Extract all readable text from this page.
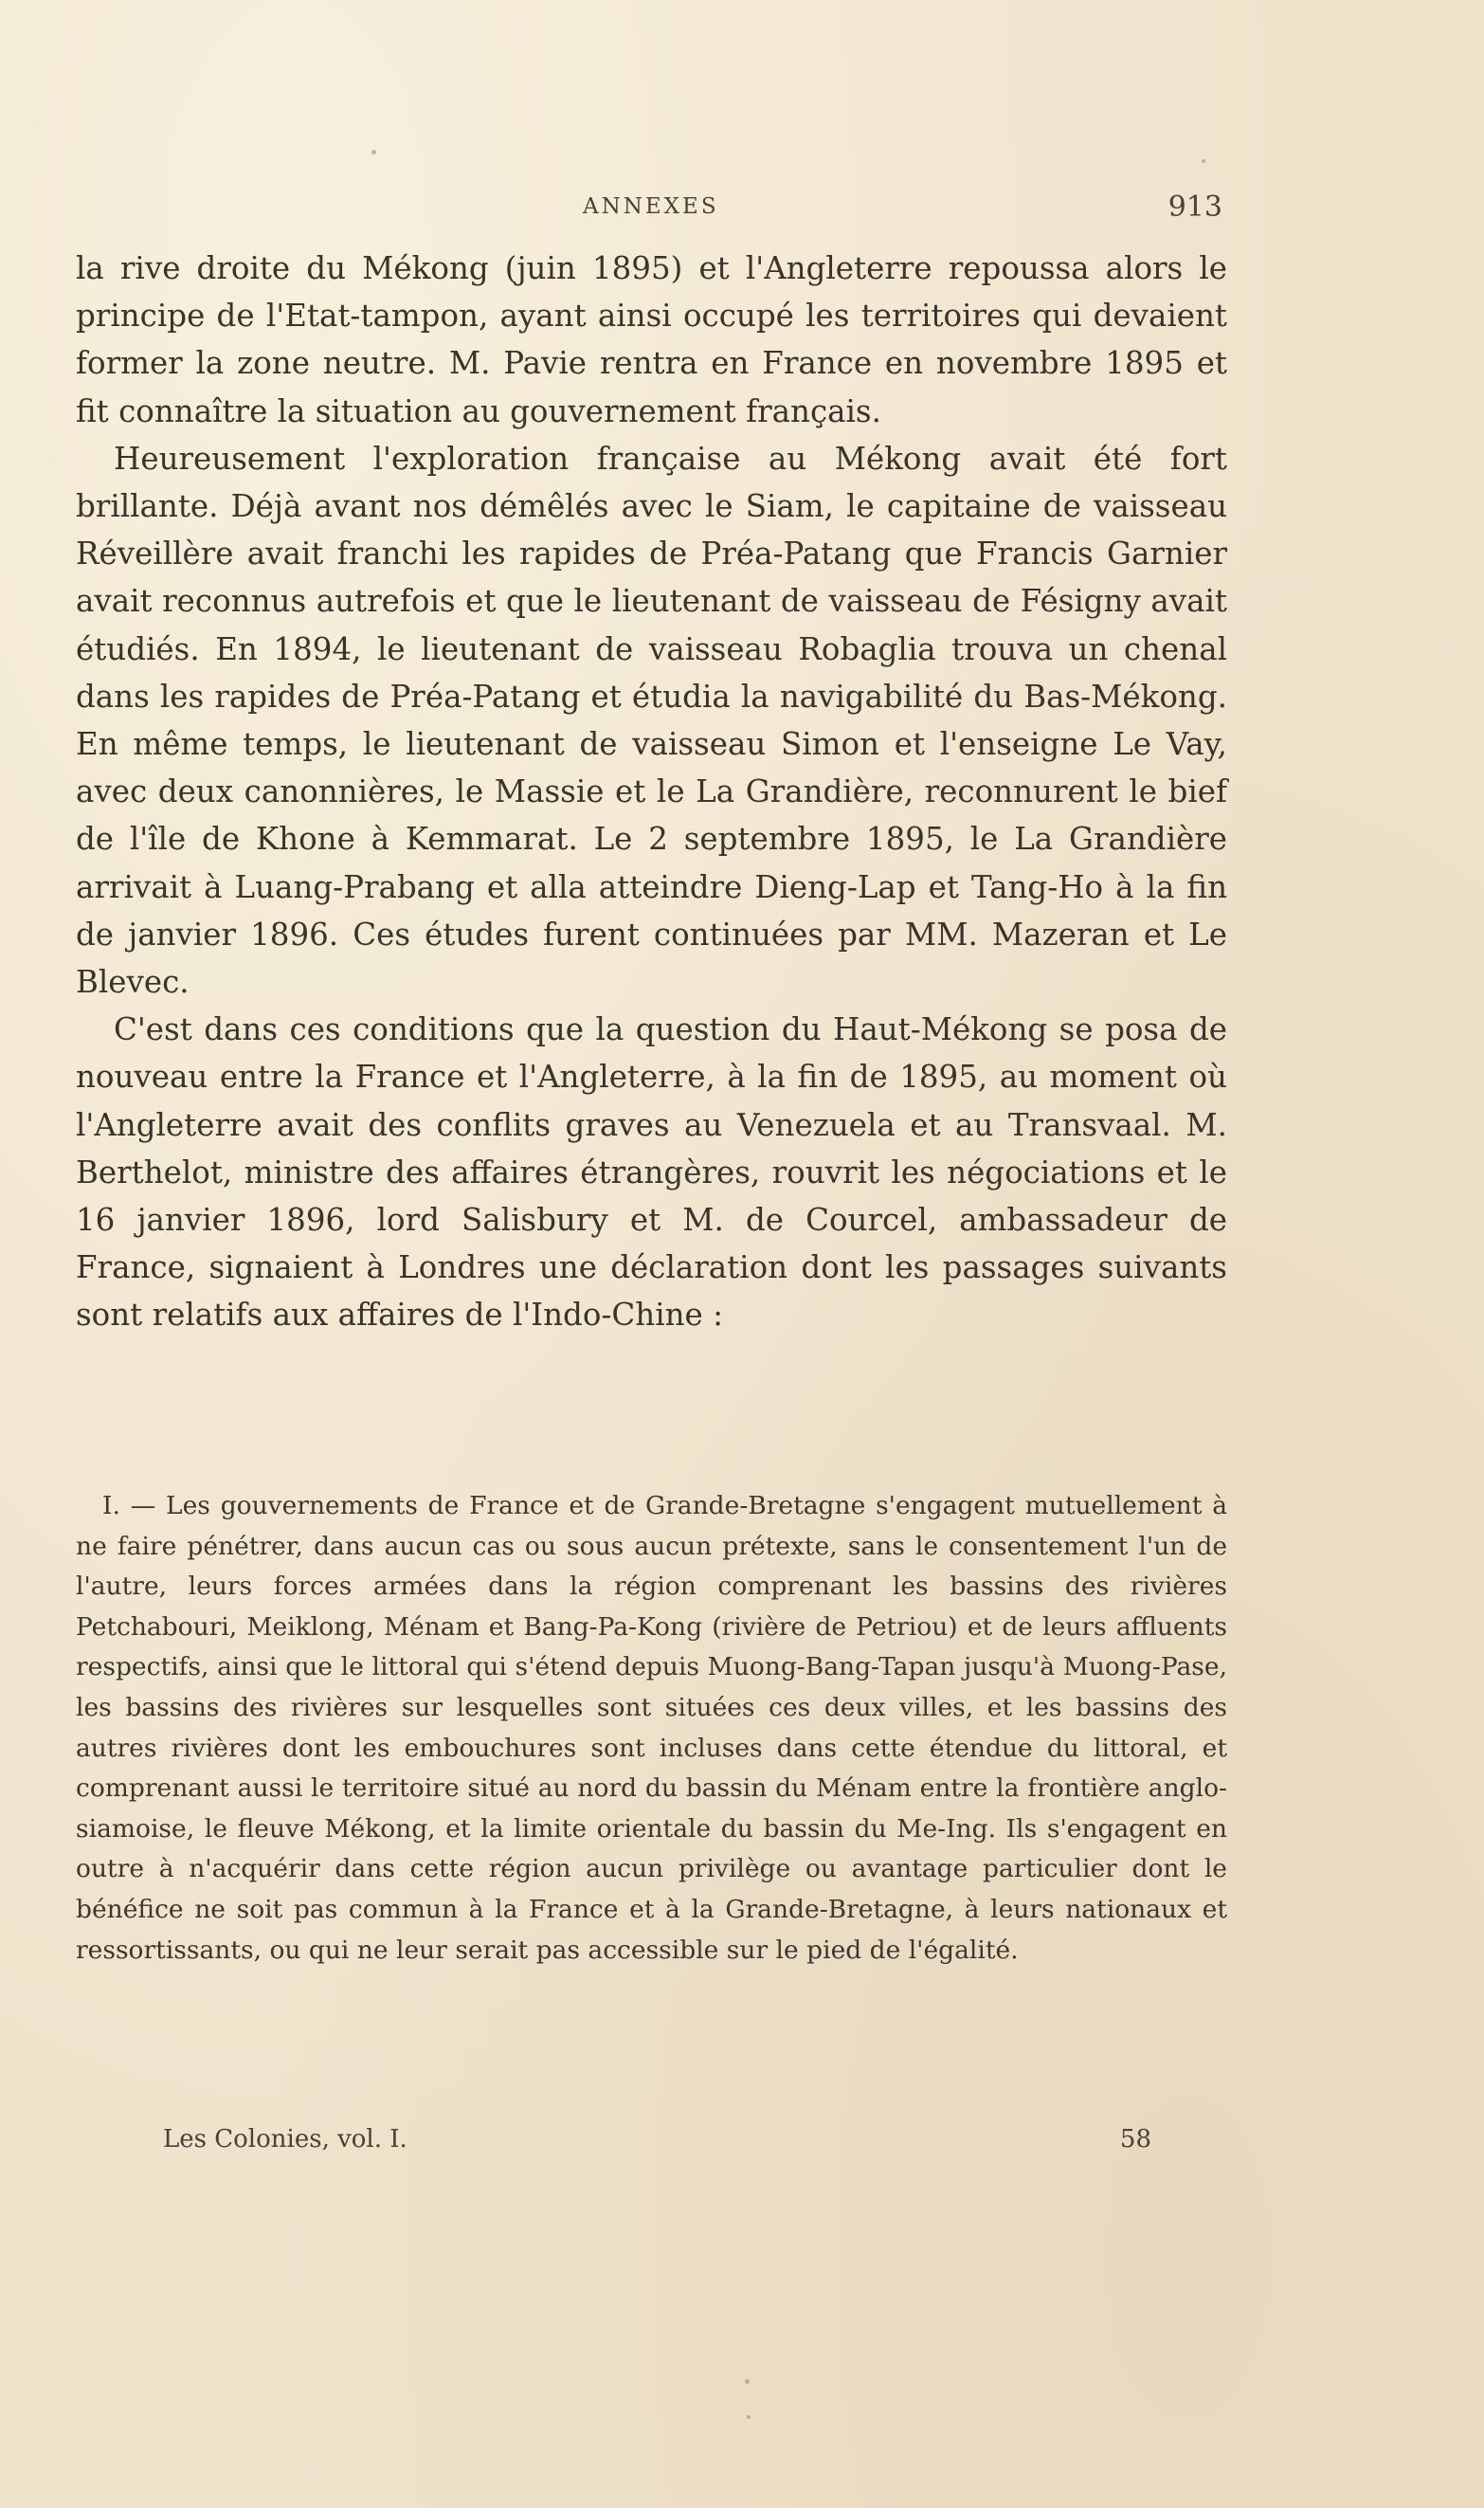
ANNEXES	913

la rive droite du Mékong (juin 1895) et l'Angleterre repoussa alors le principe de l'Etat-tampon, ayant ainsi occupé les territoires qui devaient former la zone neutre. M. Pavie rentra en France en novembre 1895 et fit connaître la situation au gouvernement français.

Heureusement l'exploration française au Mékong avait été fort brillante. Déjà avant nos démêlés avec le Siam, le capitaine de vaisseau Réveillère avait franchi les rapides de Préa-Patang que Francis Garnier avait reconnus autrefois et que le lieutenant de vaisseau de Fésigny avait étudiés. En 1894, le lieutenant de vaisseau Robaglia trouva un chenal dans les rapides de Préa-Patang et étudia la navigabilité du Bas-Mékong. En même temps, le lieutenant de vaisseau Simon et l'enseigne Le Vay, avec deux canonnières, le Massie et le La Grandière, reconnurent le bief de l'île de Khone à Kemmarat. Le 2 septembre 1895, le La Grandière arrivait à Luang-Prabang et alla atteindre Dieng-Lap et Tang-Ho à la fin de janvier 1896. Ces études furent continuées par MM. Mazeran et Le Blevec.

C'est dans ces conditions que la question du Haut-Mékong se posa de nouveau entre la France et l'Angleterre, à la fin de 1895, au moment où l'Angleterre avait des conflits graves au Venezuela et au Transvaal. M. Berthelot, ministre des affaires étrangères, rouvrit les négociations et le 16 janvier 1896, lord Salisbury et M. de Courcel, ambassadeur de France, signaient à Londres une déclaration dont les passages suivants sont relatifs aux affaires de l'Indo-Chine :

I. — Les gouvernements de France et de Grande-Bretagne s'engagent mutuellement à ne faire pénétrer, dans aucun cas ou sous aucun prétexte, sans le consentement l'un de l'autre, leurs forces armées dans la région comprenant les bassins des rivières Petchabouri, Meiklong, Ménam et Bang-Pa-Kong (rivière de Petriou) et de leurs affluents respectifs, ainsi que le littoral qui s'étend depuis Muong-Bang-Tapan jusqu'à Muong-Pase, les bassins des rivières sur lesquelles sont situées ces deux villes, et les bassins des autres rivières dont les embouchures sont incluses dans cette étendue du littoral, et comprenant aussi le territoire situé au nord du bassin du Ménam entre la frontière anglo-siamoise, le fleuve Mékong, et la limite orientale du bassin du Me-Ing. Ils s'engagent en outre à n'acquérir dans cette région aucun privilège ou avantage particulier dont le bénéfice ne soit pas commun à la France et à la Grande-Bretagne, à leurs nationaux et ressortissants, ou qui ne leur serait pas accessible sur le pied de l'égalité.

Les Colonies, vol. I.	58
